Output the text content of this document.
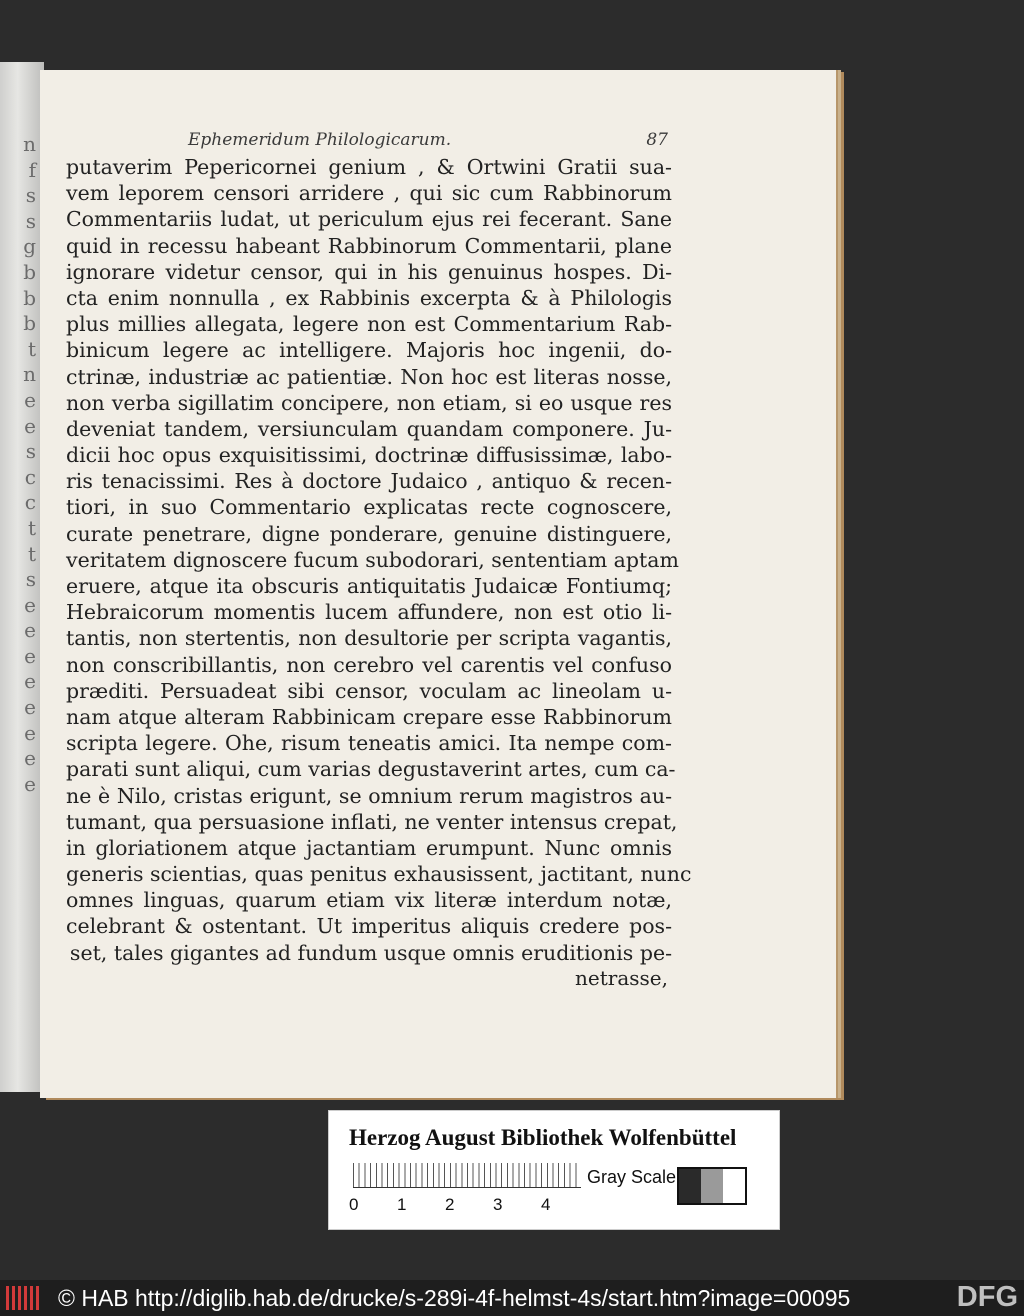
n
f
s
s
g
b
b
b
t
n
e
e
s
c
c
t
t
s
e
e
e
e
e
e
e
e
Ephemeridum Philologicarum.	87
putaverim Pepericornei genium , & Ortwini Gratii sua-
vem leporem censori arridere , qui sic cum Rabbinorum
Commentariis ludat, ut periculum ejus rei fecerant. Sane
quid in recessu habeant Rabbinorum Commentarii, plane
ignorare videtur censor, qui in his genuinus hospes. Di-
cta enim nonnulla , ex Rabbinis excerpta & à Philologis
plus millies allegata, legere non est Commentarium Rab-
binicum legere ac intelligere. Majoris hoc ingenii, do-
ctrinæ, industriæ ac patientiæ. Non hoc est literas nosse,
non verba sigillatim concipere, non etiam, si eo usque res
deveniat tandem, versiunculam quandam componere. Ju-
dicii hoc opus exquisitissimi, doctrinæ diffusissimæ, labo-
ris tenacissimi. Res à doctore Judaico , antiquo & recen-
tiori, in suo Commentario explicatas recte cognoscere,
curate penetrare, digne ponderare, genuine distinguere,
veritatem dignoscere fucum subodorari, sententiam aptam
eruere, atque ita obscuris antiquitatis Judaicæ Fontiumq;
Hebraicorum momentis lucem affundere, non est otio li-
tantis, non stertentis, non desultorie per scripta vagantis,
non conscribillantis, non cerebro vel carentis vel confuso
præditi. Persuadeat sibi censor, voculam ac lineolam u-
nam atque alteram Rabbinicam crepare esse Rabbinorum
scripta legere. Ohe, risum teneatis amici. Ita nempe com-
parati sunt aliqui, cum varias degustaverint artes, cum ca-
ne è Nilo, cristas erigunt, se omnium rerum magistros au-
tumant, qua persuasione inflati, ne venter intensus crepat,
in gloriationem atque jactantiam erumpunt. Nunc omnis
generis scientias, quas penitus exhausissent, jactitant, nunc
omnes linguas, quarum etiam vix literæ interdum notæ,
celebrant & ostentant. Ut imperitus aliquis credere pos-
set, tales gigantes ad fundum usque omnis eruditionis pe-
netrasse,
Herzog August Bibliothek Wolfenbüttel
0	1	2	3	4
Gray Scale
© HAB http://diglib.hab.de/drucke/s-289i-4f-helmst-4s/start.htm?image=00095	DFG
